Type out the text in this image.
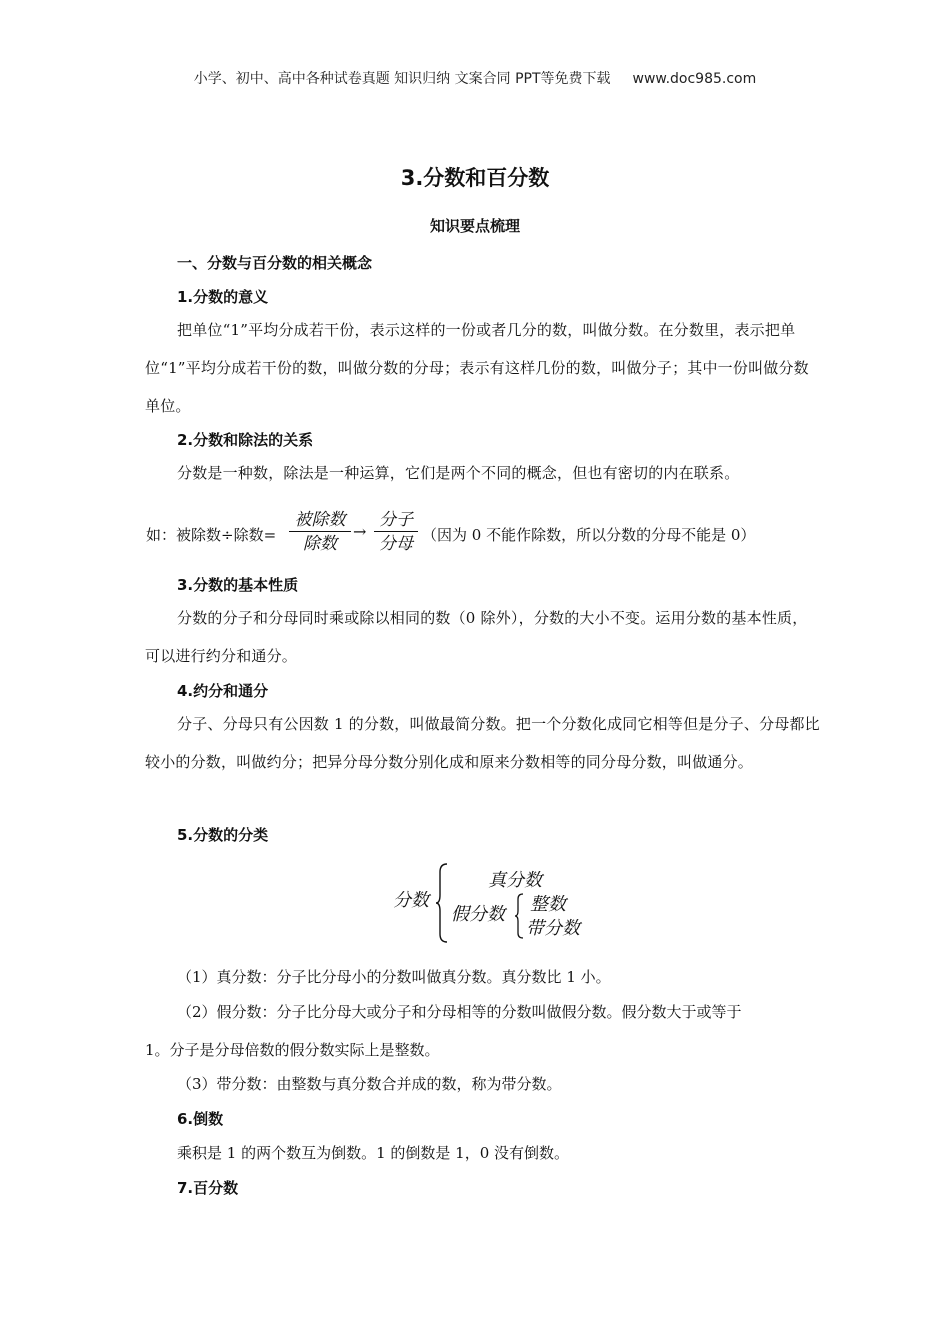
小学、初中、高中各种试卷真题 知识归纳 文案合同 PPT等免费下载 www.doc985.com
3.分数和百分数
知识要点梳理
一、分数与百分数的相关概念
1.分数的意义
把单位“1”平均分成若干份，表示这样的一份或者几分的数，叫做分数。在分数里，表示把单位“1”平均分成若干份的数，叫做分数的分母；表示有这样几份的数，叫做分子；其中一份叫做分数单位。
2.分数和除法的关系
分数是一种数，除法是一种运算，它们是两个不同的概念，但也有密切的内在联系。
如：被除数÷除数=
被除数
除数
→
分子
分母 （因为 0 不能作除数，所以分数的分母不能是 0）
3.分数的基本性质
分数的分子和分母同时乘或除以相同的数（0 除外），分数的大小不变。运用分数的基本性质，可以进行约分和通分。
4.约分和通分
分子、分母只有公因数 1 的分数，叫做最简分数。把一个分数化成同它相等但是分子、分母都比较小的分数，叫做约分；把异分母分数分别化成和原来分数相等的同分母分数，叫做通分。
5.分数的分类
分数
真分数
假分数 整数
带分数
（1）真分数：分子比分母小的分数叫做真分数。真分数比 1 小。
（2）假分数：分子比分母大或分子和分母相等的分数叫做假分数。假分数大于或等于
1。分子是分母倍数的假分数实际上是整数。
（3）带分数：由整数与真分数合并成的数，称为带分数。
6.倒数
乘积是 1 的两个数互为倒数。1 的倒数是 1，0 没有倒数。
7.百分数
